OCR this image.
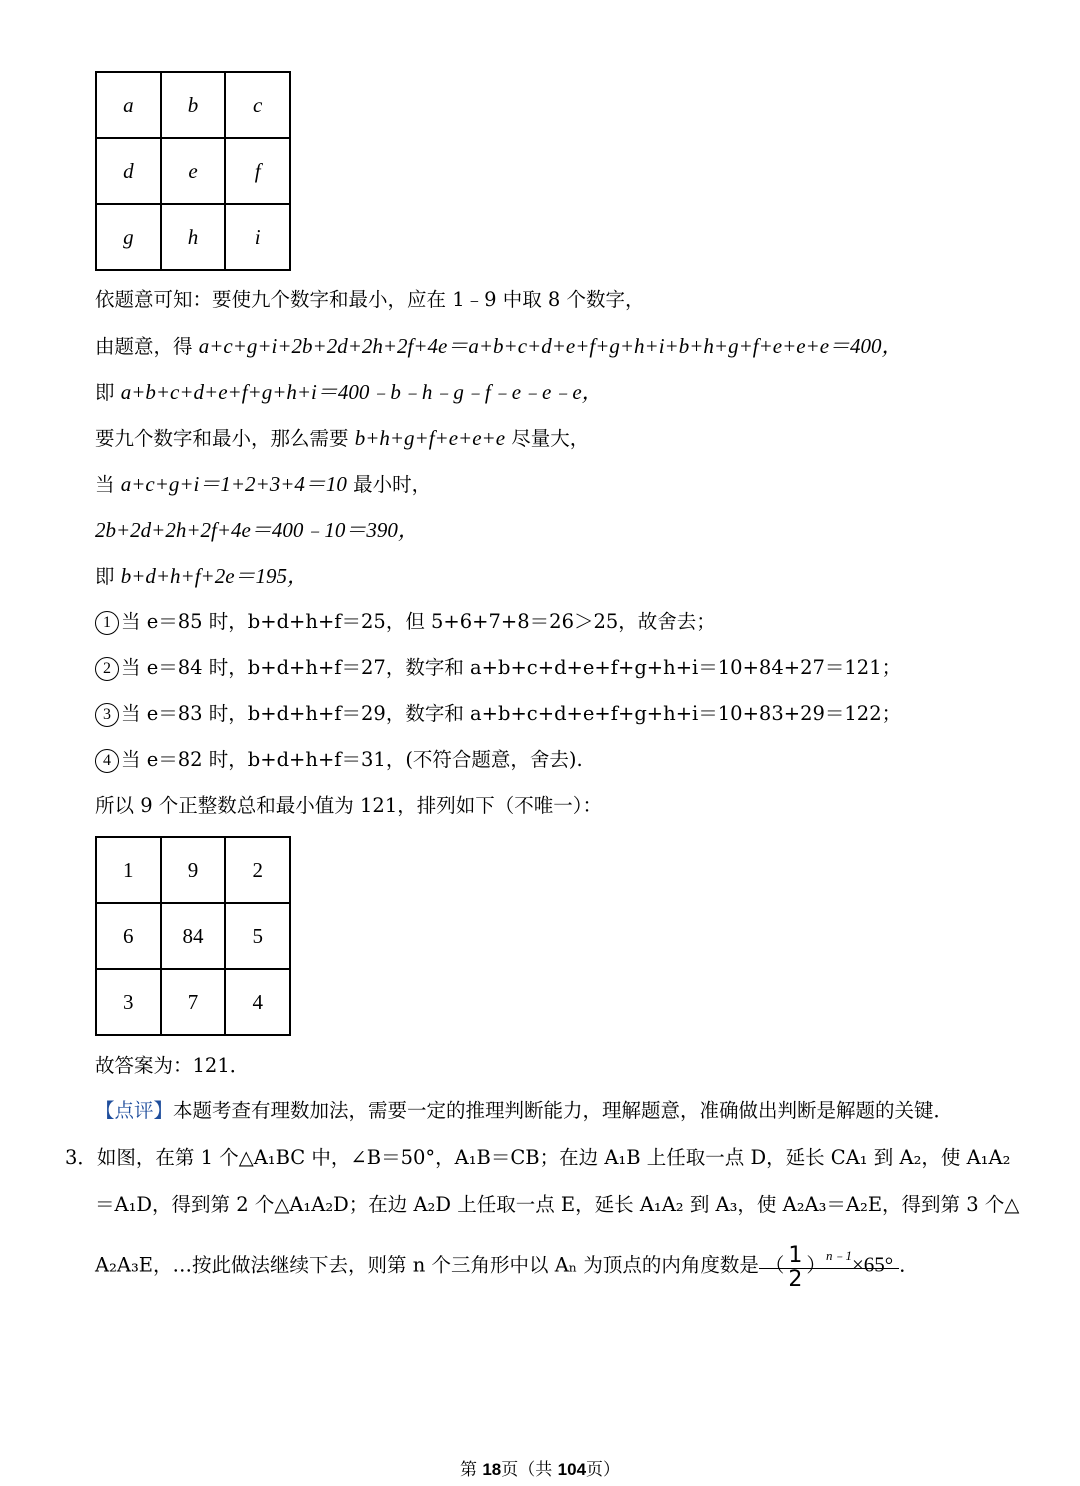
a	b	c
d	e	f
g	h	i
依题意可知：要使九个数字和最小，应在 1﹣9 中取 8 个数字，
由题意，得 a+c+g+i+2b+2d+2h+2f+4e＝a+b+c+d+e+f+g+h+i+b+h+g+f+e+e+e＝400，
即 a+b+c+d+e+f+g+h+i＝400﹣b﹣h﹣g﹣f﹣e﹣e﹣e，
要九个数字和最小，那么需要 b+h+g+f+e+e+e 尽量大，
当 a+c+g+i＝1+2+3+4＝10 最小时，
2b+2d+2h+2f+4e＝400﹣10＝390，
即 b+d+h+f+2e＝195，
1 当 e＝85 时，b+d+h+f＝25，但 5+6+7+8＝26＞25，故舍去；
2 当 e＝84 时，b+d+h+f＝27，数字和 a+b+c+d+e+f+g+h+i＝10+84+27＝121；
3 当 e＝83 时，b+d+h+f＝29，数字和 a+b+c+d+e+f+g+h+i＝10+83+29＝122；
4 当 e＝82 时，b+d+h+f＝31，(不符合题意，舍去).
所以 9 个正整数总和最小值为 121，排列如下（不唯一）：
1	9	2
6	84	5
3	7	4
故答案为：121．
【点评】本题考查有理数加法，需要一定的推理判断能力，理解题意，准确做出判断是解题的关键．
3．如图，在第 1 个△A₁BC 中，∠B＝50°，A₁B＝CB；在边 A₁B 上任取一点 D，延长 CA₁ 到 A₂，使 A₁A₂
＝A₁D，得到第 2 个△A₁A₂D；在边 A₂D 上任取一点 E，延长 A₁A₂ 到 A₃，使 A₂A₃＝A₂E，得到第 3 个△
A₂A₃E，…按此做法继续下去，则第 n 个三角形中以 Aₙ 为顶点的内角度数是 （ 1
2
）$^{n﹣1}$×65° ．
第 18页（共 104页）
